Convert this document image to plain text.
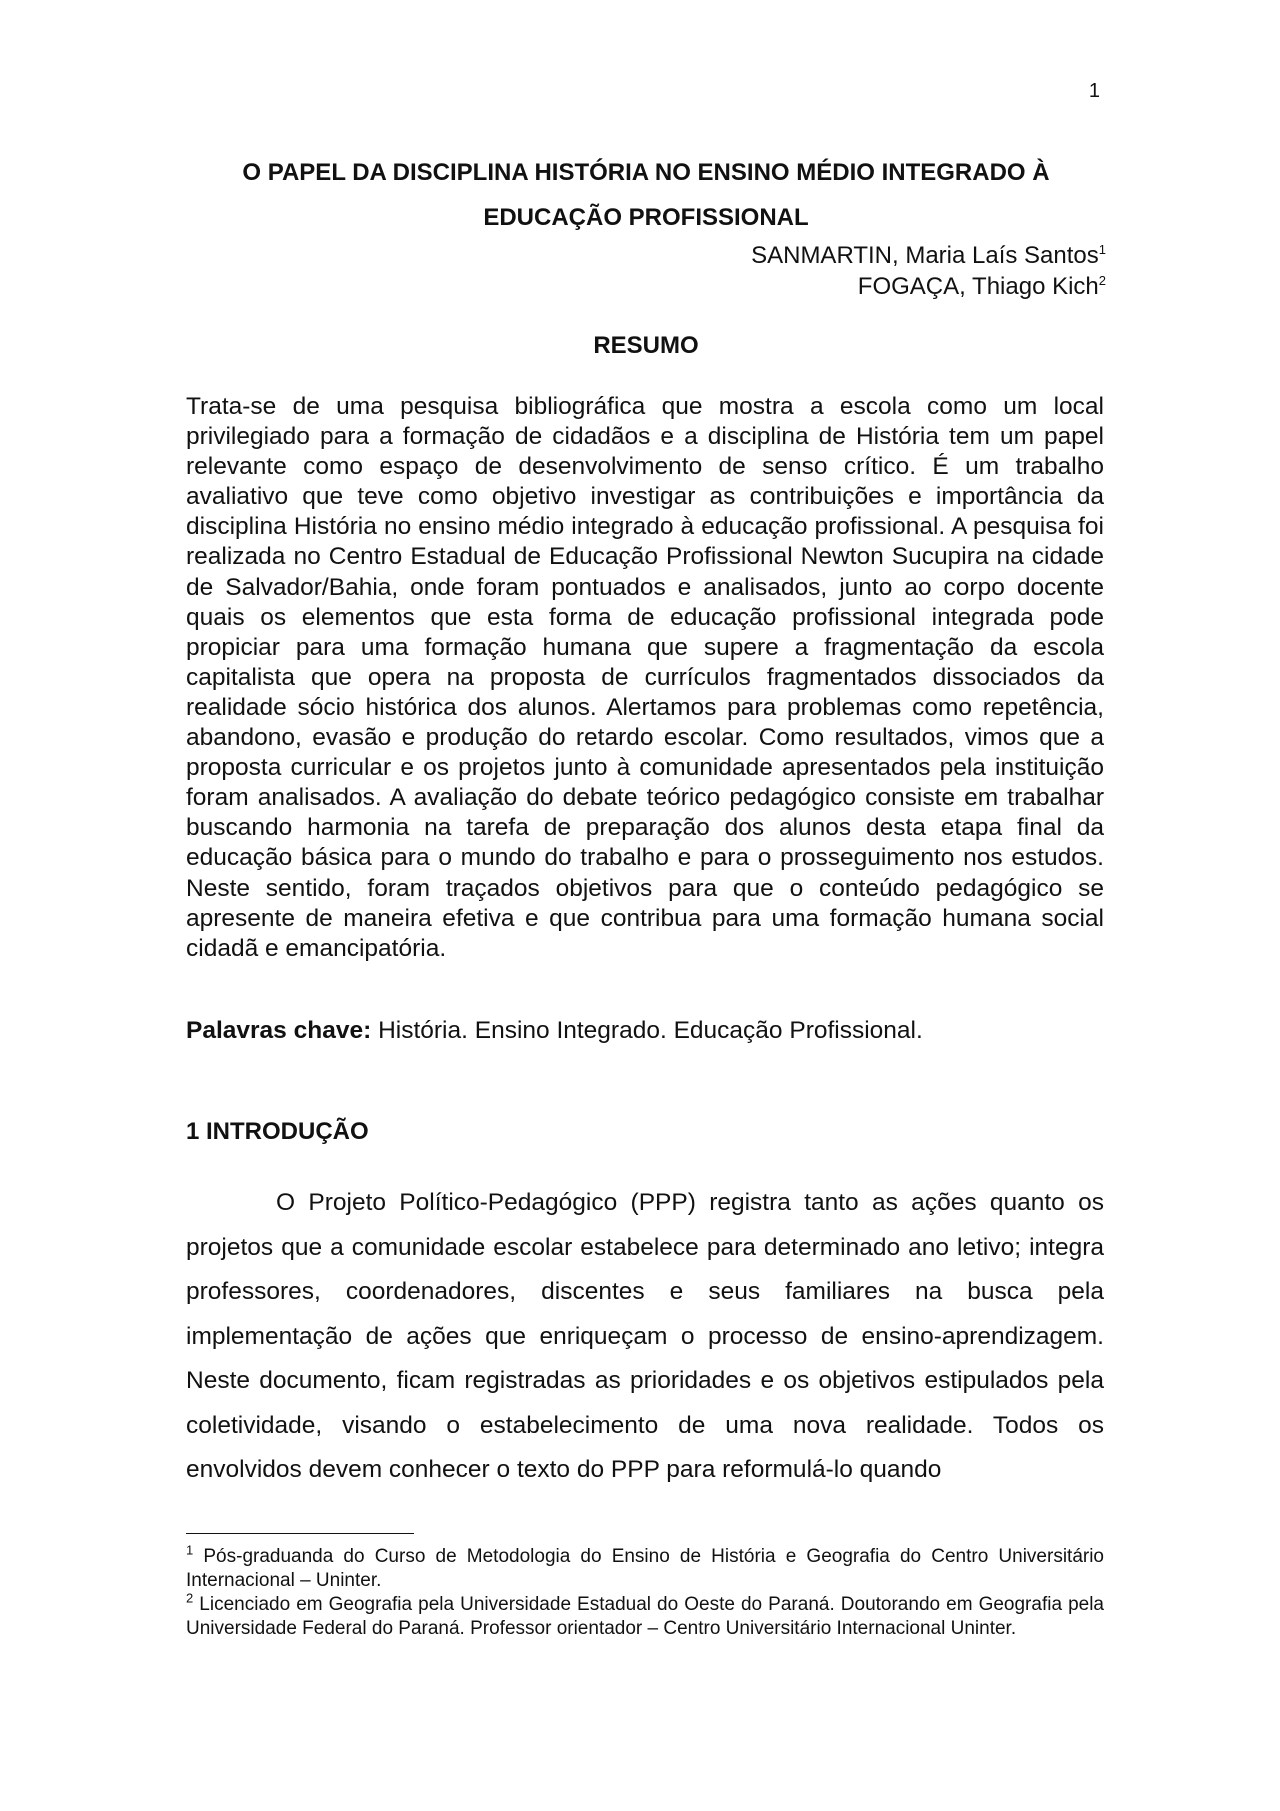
1
O PAPEL DA DISCIPLINA HISTÓRIA NO ENSINO MÉDIO INTEGRADO À
EDUCAÇÃO PROFISSIONAL
SANMARTIN, Maria Laís Santos$^1$
FOGAÇA, Thiago Kich$^2$
RESUMO

Trata-se de uma pesquisa bibliográfica que mostra a escola como um local privilegiado para a formação de cidadãos e a disciplina de História tem um papel relevante como espaço de desenvolvimento de senso crítico. É um trabalho avaliativo que teve como objetivo investigar as contribuições e importância da disciplina História no ensino médio integrado à educação profissional. A pesquisa foi realizada no Centro Estadual de Educação Profissional Newton Sucupira na cidade de Salvador/Bahia, onde foram pontuados e analisados, junto ao corpo docente quais os elementos que esta forma de educação profissional integrada pode propiciar para uma formação humana que supere a fragmentação da escola capitalista que opera na proposta de currículos fragmentados dissociados da realidade sócio histórica dos alunos. Alertamos para problemas como repetência, abandono, evasão e produção do retardo escolar. Como resultados, vimos que a proposta curricular e os projetos junto à comunidade apresentados pela instituição foram analisados. A avaliação do debate teórico pedagógico consiste em trabalhar buscando harmonia na tarefa de preparação dos alunos desta etapa final da educação básica para o mundo do trabalho e para o prosseguimento nos estudos. Neste sentido, foram traçados objetivos para que o conteúdo pedagógico se apresente de maneira efetiva e que contribua para uma formação humana social cidadã e emancipatória.

Palavras chave: História. Ensino Integrado. Educação Profissional.

1 INTRODUÇÃO

O Projeto Político-Pedagógico (PPP) registra tanto as ações quanto os projetos que a comunidade escolar estabelece para determinado ano letivo; integra professores, coordenadores, discentes e seus familiares na busca pela implementação de ações que enriqueçam o processo de ensino-aprendizagem. Neste documento, ficam registradas as prioridades e os objetivos estipulados pela coletividade, visando o estabelecimento de uma nova realidade. Todos os envolvidos devem conhecer o texto do PPP para reformulá-lo quando

$^1$ Pós-graduanda do Curso de Metodologia do Ensino de História e Geografia do Centro Universitário Internacional – Uninter.

$^2$ Licenciado em Geografia pela Universidade Estadual do Oeste do Paraná. Doutorando em Geografia pela Universidade Federal do Paraná. Professor orientador – Centro Universitário Internacional Uninter.
